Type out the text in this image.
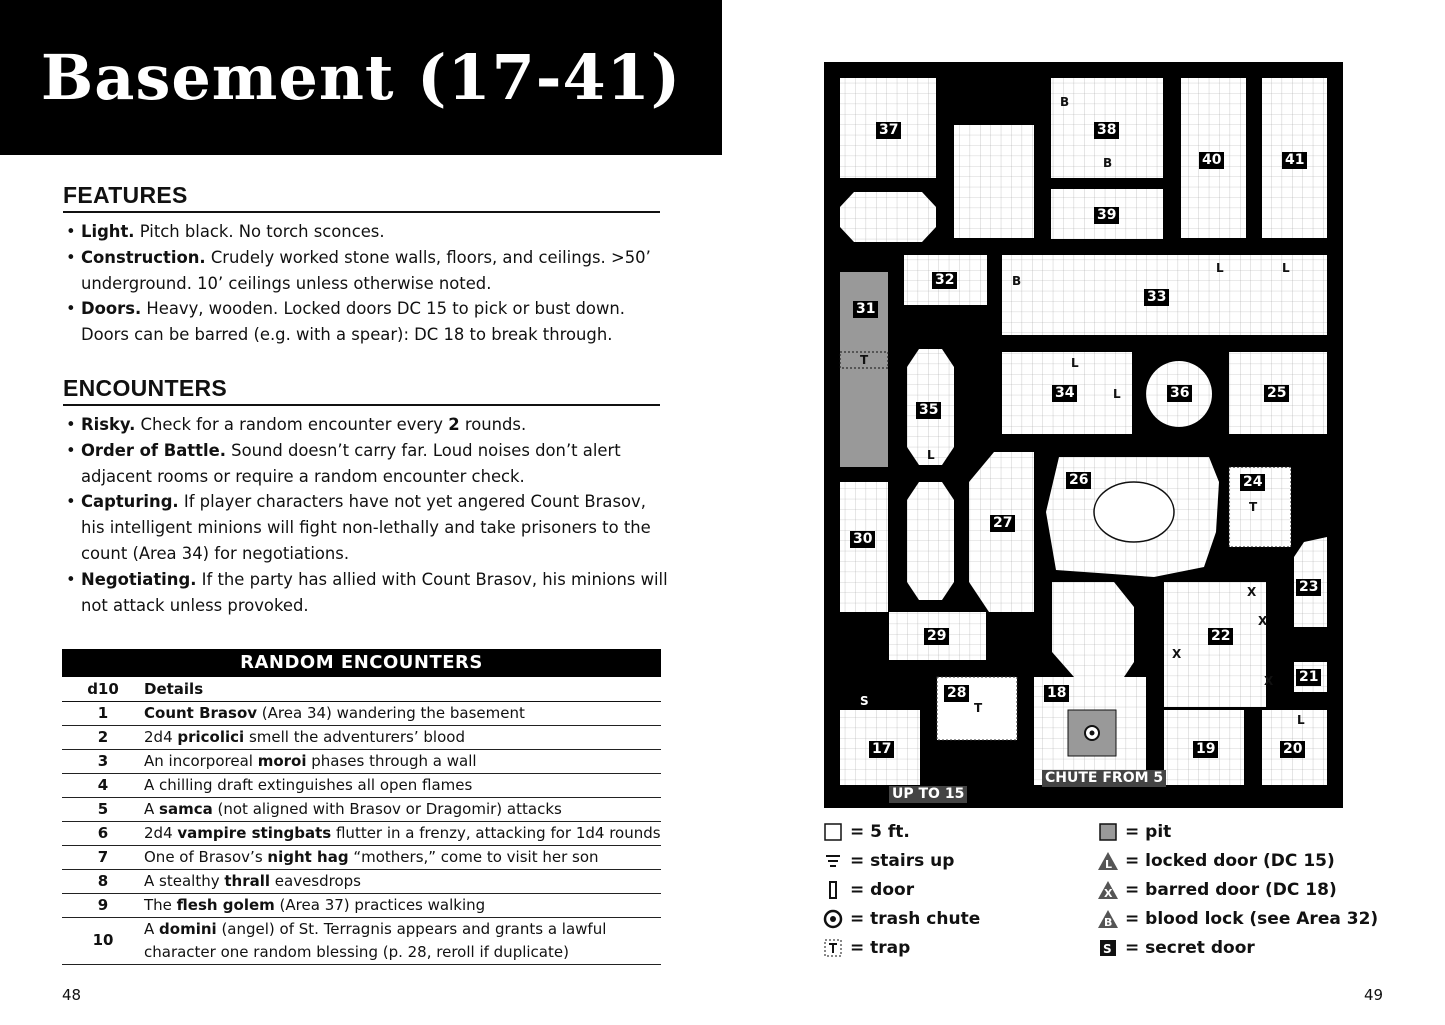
Basement (17-41)
FEATURES
• Light. Pitch black. No torch sconces.
• Construction. Crudely worked stone walls, floors, and ceilings. >50’ underground. 10’ ceilings unless otherwise noted.
• Doors. Heavy, wooden. Locked doors DC 15 to pick or bust down. Doors can be barred (e.g. with a spear): DC 18 to break through.
ENCOUNTERS
• Risky. Check for a random encounter every 2 rounds.
• Order of Battle. Sound doesn’t carry far. Loud noises don’t alert adjacent rooms or require a random encounter check.
• Capturing. If player characters have not yet angered Count Brasov, his intelligent minions will fight non-lethally and take prisoners to the count (Area 34) for negotiations.
• Negotiating. If the party has allied with Count Brasov, his minions will not attack unless provoked.
RANDOM ENCOUNTERS
d10	Details
1	Count Brasov (Area 34) wandering the basement
2	2d4 pricolici smell the adventurers’ blood
3	An incorporeal moroi phases through a wall
4	A chilling draft extinguishes all open flames
5	A samca (not aligned with Brasov or Dragomir) attacks
6	2d4 vampire stingbats flutter in a frenzy, attacking for 1d4 rounds
7	One of Brasov’s night hag “mothers,” come to visit her son
8	A stealthy thrall eavesdrops
9	The flesh golem (Area 37) practices walking
10	A domini (angel) of St. Terragnis appears and grants a lawful character one random blessing (p. 28, reroll if duplicate)
48
37	38
39
40	41
32
33
31
35
34	36	25
26	24
27
30
23
29	22
21
28	18
17	19	20
B
B
B
L	L
L
L
L
L
X
X
X
X
T
T
T
S
CHUTE FROM 5
UP TO 15
= 5 ft.
= stairs up
= door
= trash chute
= trap
= pit
L = locked door (DC 15)
X = barred door (DC 18)
B = blood lock (see Area 32)
S = secret door
49
